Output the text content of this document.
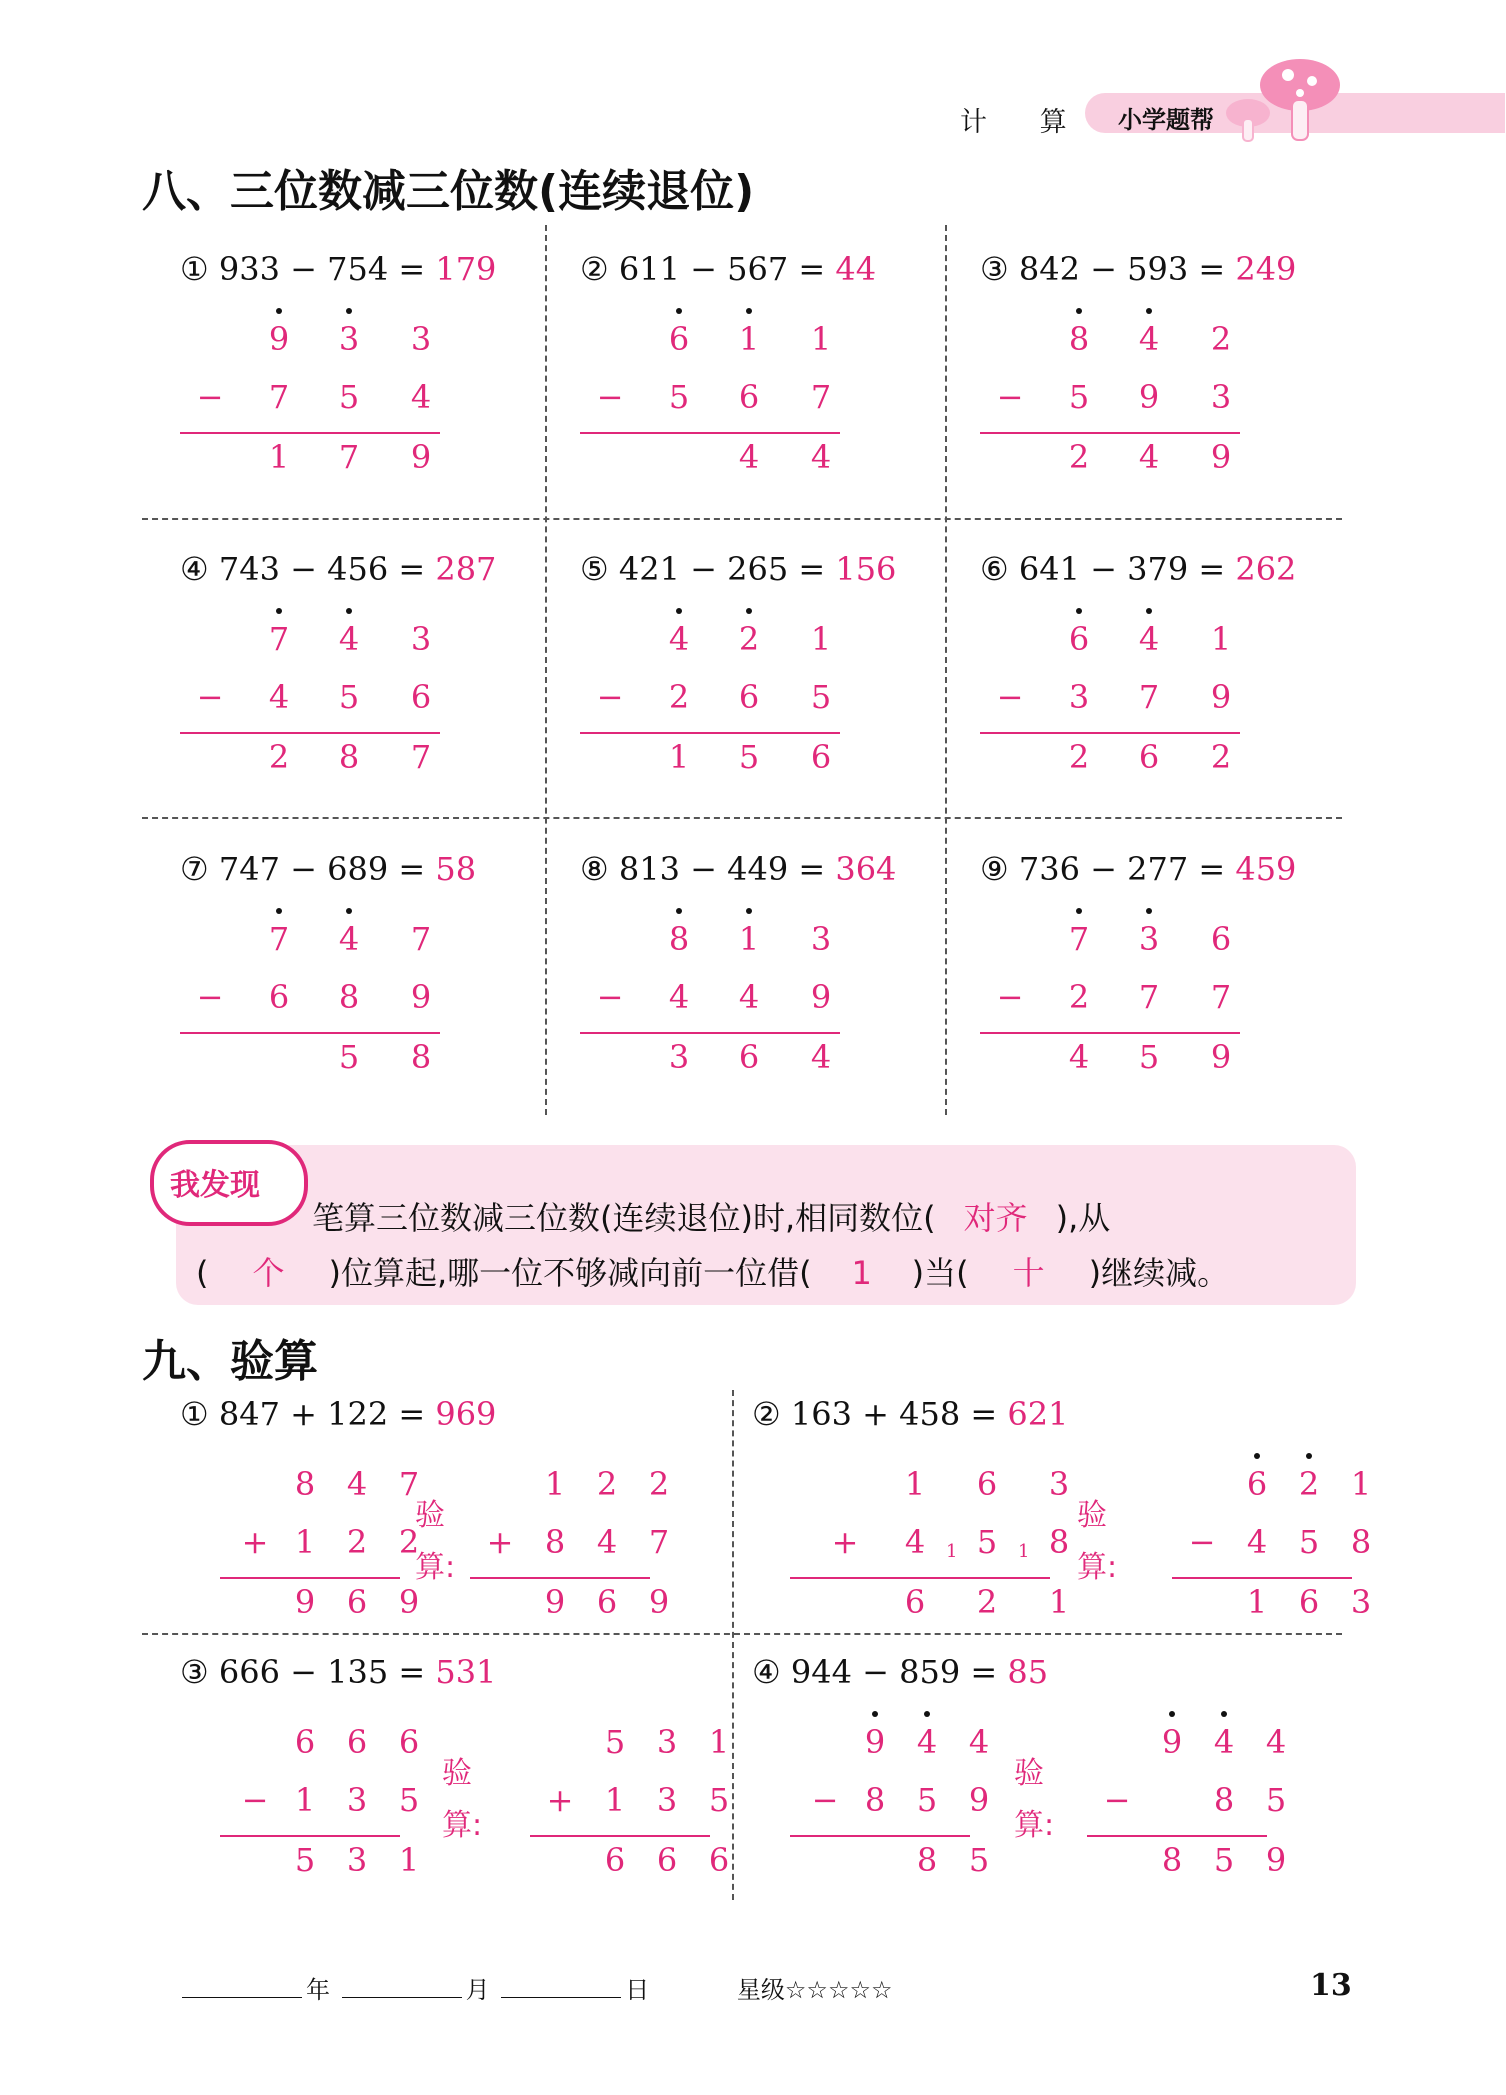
计 算 小学题帮
八、三位数减三位数(连续退位)
① 933 − 754 = 179
9 3 3
− 7 5 4
1 7 9
② 611 − 567 = 44
6 1 1
− 5 6 7
4 4
③ 842 − 593 = 249
8 4 2
− 5 9 3
2 4 9
④ 743 − 456 = 287
7 4 3
− 4 5 6
2 8 7
⑤ 421 − 265 = 156
4 2 1
− 2 6 5
1 5 6
⑥ 641 − 379 = 262
6 4 1
− 3 7 9
2 6 2
⑦ 747 − 689 = 58
7 4 7
− 6 8 9
5 8
⑧ 813 − 449 = 364
8 1 3
− 4 4 9
3 6 4
⑨ 736 − 277 = 459
7 3 6
− 2 7 7
4 5 9
我发现
笔算三位数减三位数(连续退位)时,相同数位( 对齐 ),从
( 个 )位算起,哪一位不够减向前一位借( 1 )当( 十 )继续减。
九、验算
① 847 + 122 = 969
8 4 7
+ 1 2 2
9 6 9
验
算 :
1 2 2
+ 8 4 7
9 6 9
② 163 + 458 = 621
1	1
1 6 3
+ 4 5 8
6 2 1
验
算 :
6 2 1
− 4 5 8
1 6 3
③ 666 − 135 = 531
6 6 6
− 1 3 5
5 3 1
验
算 :
5 3 1
+ 1 3 5
6 6 6
④ 944 − 859 = 85
9 4 4
− 8 5 9
8 5
验
算 :
9 4 4
−	8 5
8 5 9
年	月	日	星级☆☆☆☆☆	13
